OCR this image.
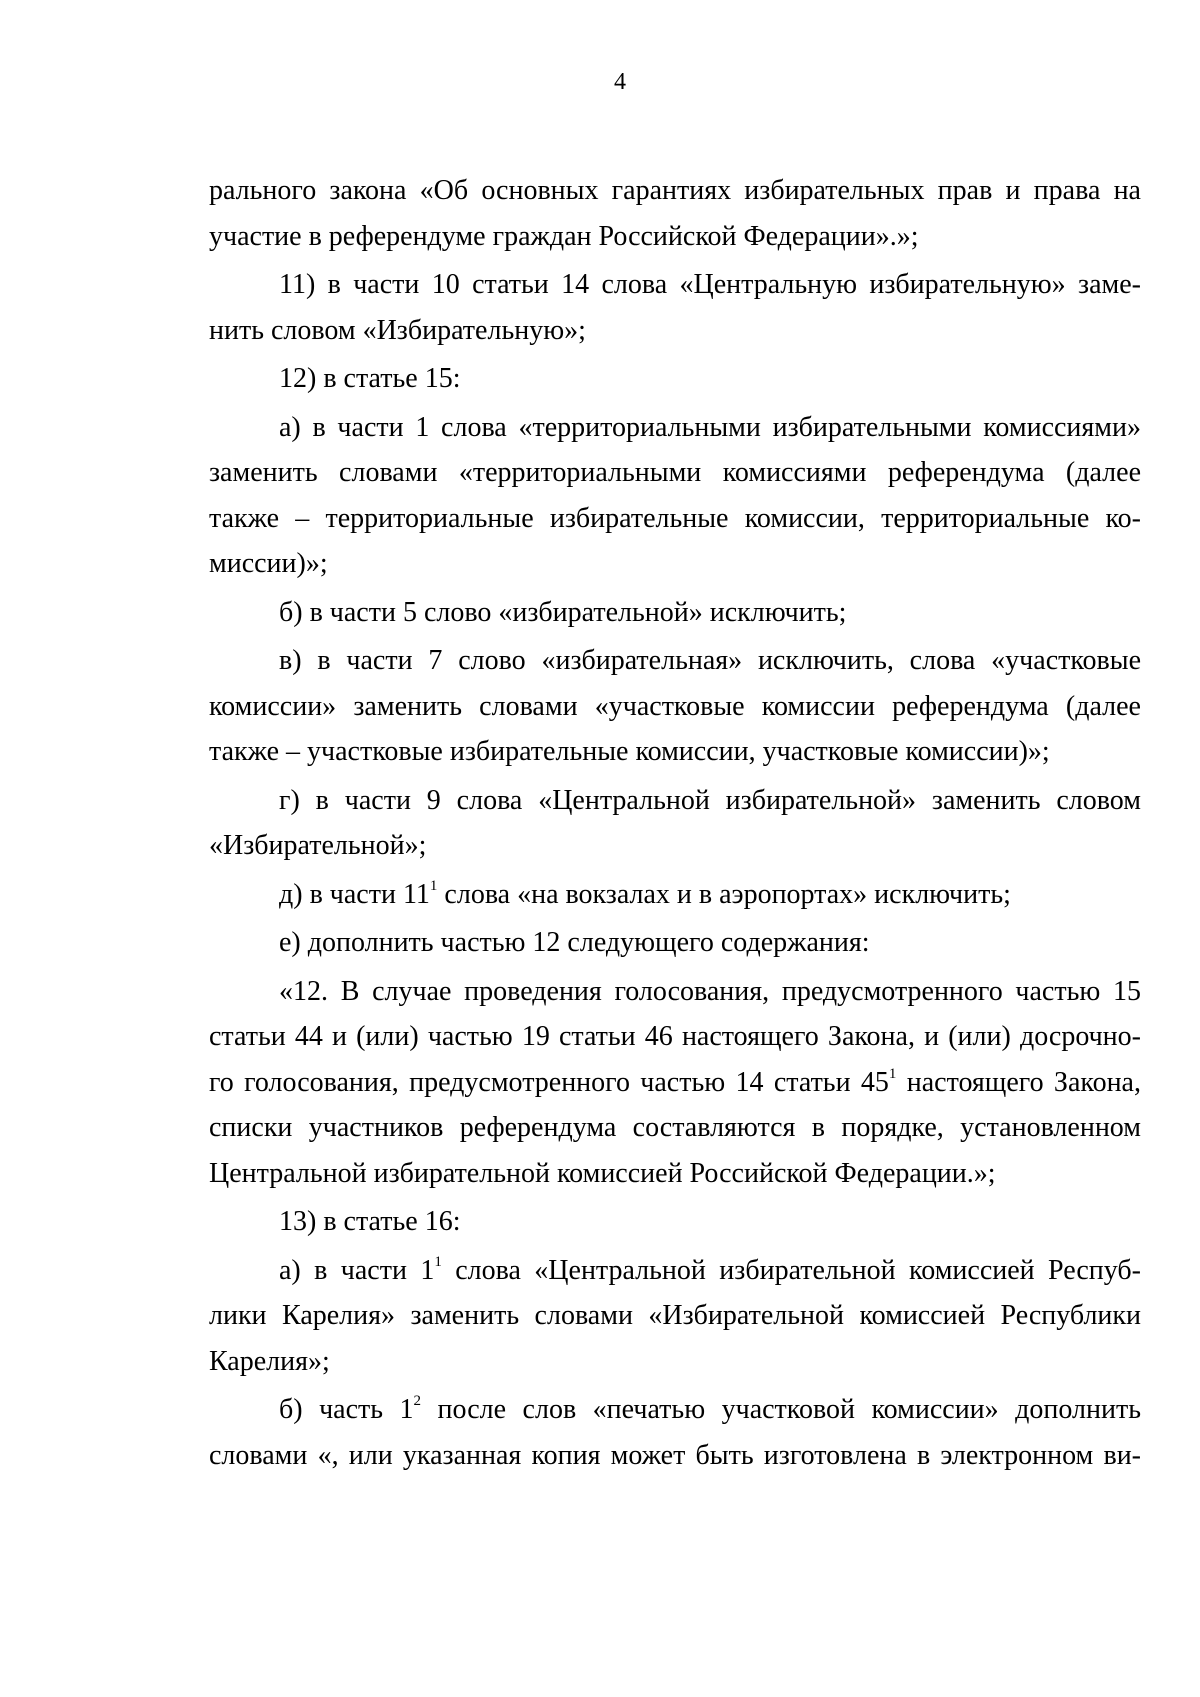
4
рального закона «Об основных гарантиях избирательных прав и права на
участие в референдуме граждан Российской Федерации».»;
11) в части 10 статьи 14 слова «Центральную избирательную» заме-
нить словом «Избирательную»;
12) в статье 15:
а) в части 1 слова «территориальными избирательными комиссиями»
заменить словами «территориальными комиссиями референдума (далее
также – территориальные избирательные комиссии, территориальные ко-
миссии)»;
б) в части 5 слово «избирательной» исключить;
в) в части 7 слово «избирательная» исключить, слова «участковые
комиссии» заменить словами «участковые комиссии референдума (далее
также – участковые избирательные комиссии, участковые комиссии)»;
г) в части 9 слова «Центральной избирательной» заменить словом
«Избирательной»;
д) в части $11^1$ слова «на вокзалах и в аэропортах» исключить;
е) дополнить частью 12 следующего содержания:
«12. В случае проведения голосования, предусмотренного частью 15
статьи 44 и (или) частью 19 статьи 46 настоящего Закона, и (или) досрочно-
го голосования, предусмотренного частью 14 статьи $45^1$ настоящего Закона,
списки участников референдума составляются в порядке, установленном
Центральной избирательной комиссией Российской Федерации.»;
13) в статье 16:
а) в части $1^1$ слова «Центральной избирательной комиссией Респуб-
лики Карелия» заменить словами «Избирательной комиссией Республики
Карелия»;
б) часть $1^2$ после слов «печатью участковой комиссии» дополнить
словами «, или указанная копия может быть изготовлена в электронном ви-
